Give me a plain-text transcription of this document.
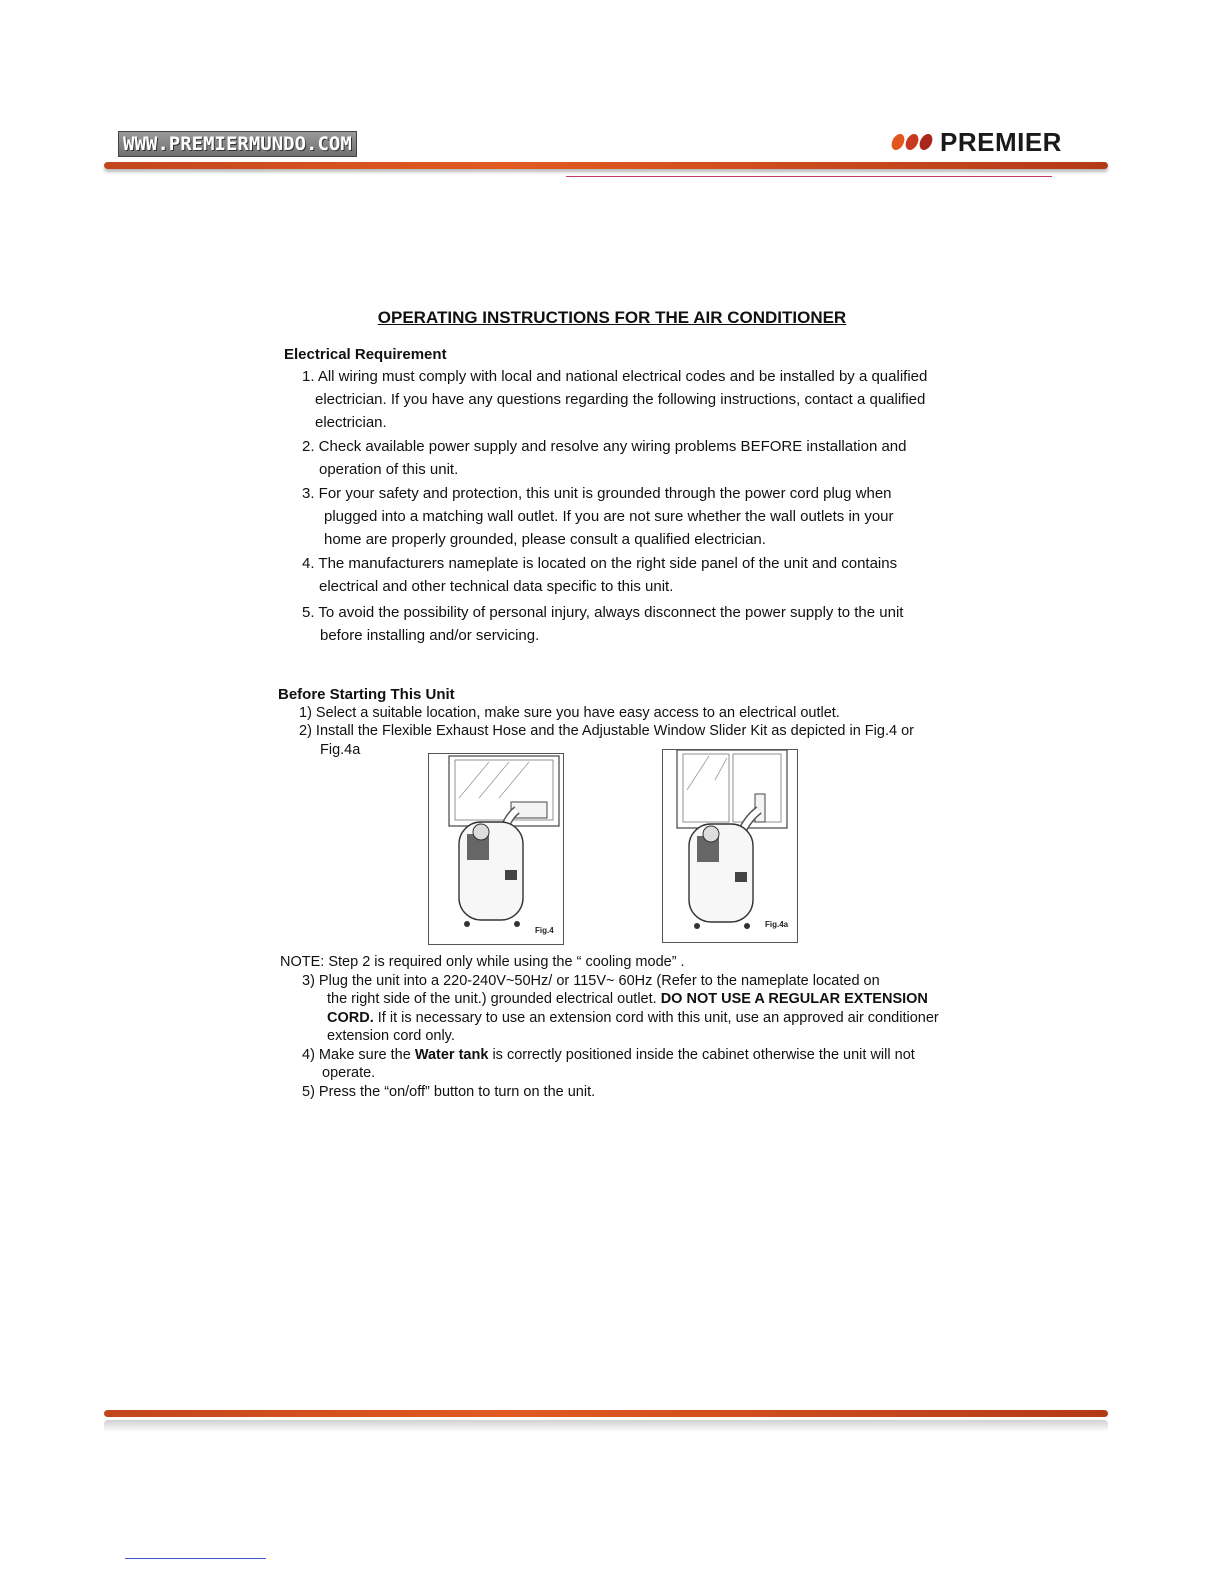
WWW.PREMIERMUNDO.COM	PREMIER
OPERATING INSTRUCTIONS FOR THE AIR CONDITIONER
Electrical Requirement

1. All wiring must comply with local and national electrical codes and be installed by a qualified

electrician. If you have any questions regarding the following instructions, contact a qualified

electrician.

2. Check available power supply and resolve any wiring problems BEFORE installation and

operation of this unit.

3. For your safety and protection, this unit is grounded through the power cord plug when

plugged into a matching wall outlet. If you are not sure whether the wall outlets in your

home are properly grounded, please consult a qualified electrician.

4. The manufacturers nameplate is located on the right side panel of the unit and contains

electrical and other technical data specific to this unit.

5. To avoid the possibility of personal injury, always disconnect the power supply to the unit

before installing and/or servicing.

Before Starting This Unit

1) Select a suitable location, make sure you have easy access to an electrical outlet.

2) Install the Flexible Exhaust Hose and the Adjustable Window Slider Kit as depicted in Fig.4 or

Fig.4a

Fig.4
Fig.4a

NOTE: Step 2 is required only while using the “ cooling mode” .

3) Plug the unit into a 220-240V~50Hz/ or 115V~ 60Hz (Refer to the nameplate located on

the right side of the unit.) grounded electrical outlet. DO NOT USE A REGULAR EXTENSION

CORD. If it is necessary to use an extension cord with this unit, use an approved air conditioner

extension cord only.

4) Make sure the Water tank is correctly positioned inside the cabinet otherwise the unit will not

operate.

5) Press the “on/off” button to turn on the unit.
